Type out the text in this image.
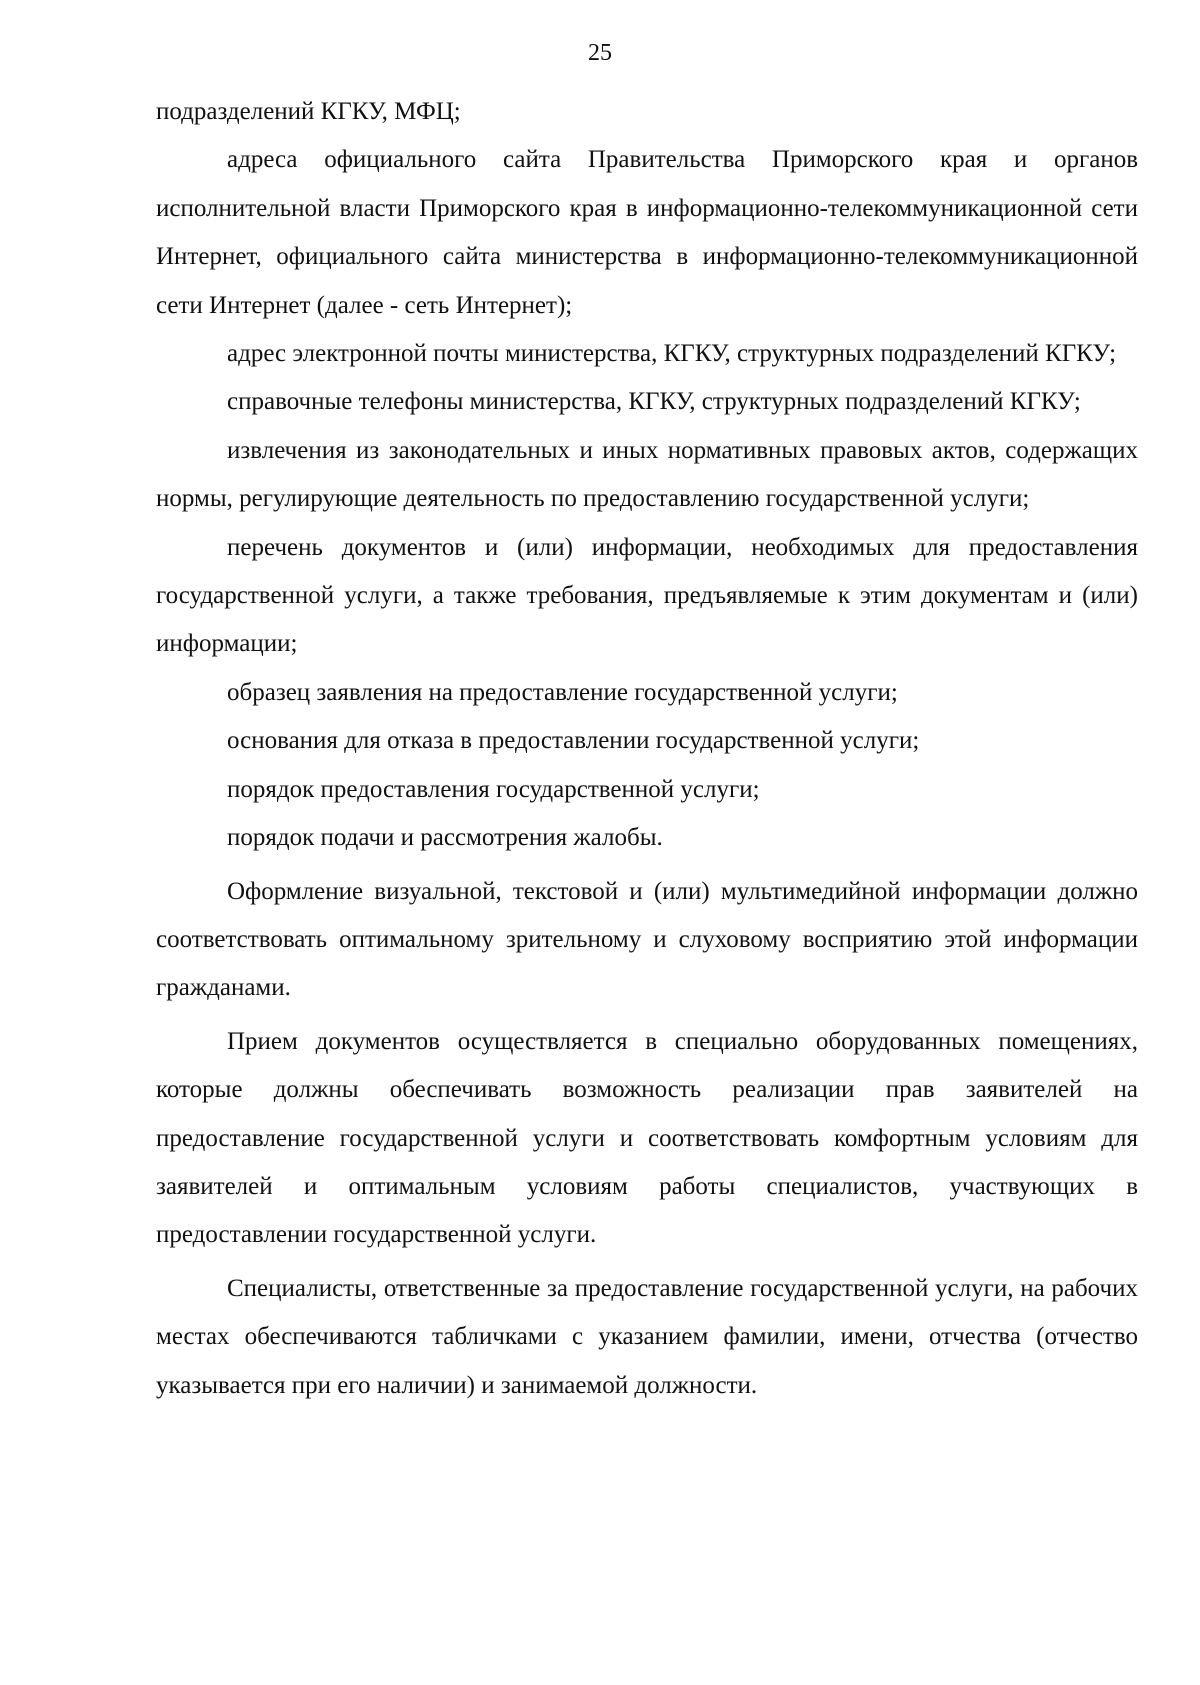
25

подразделений КГКУ, МФЦ;

адреса официального сайта Правительства Приморского края и органов исполнительной власти Приморского края в информационно-телекоммуникационной сети Интернет, официального сайта министерства в информационно-телекоммуникационной сети Интернет (далее - сеть Интернет);

адрес электронной почты министерства, КГКУ, структурных подразделений КГКУ;

справочные телефоны министерства, КГКУ, структурных подразделений КГКУ;

извлечения из законодательных и иных нормативных правовых актов, содержащих нормы, регулирующие деятельность по предоставлению государственной услуги;

перечень документов и (или) информации, необходимых для предоставления государственной услуги, а также требования, предъявляемые к этим документам и (или) информации;

образец заявления на предоставление государственной услуги;

основания для отказа в предоставлении государственной услуги;

порядок предоставления государственной услуги;

порядок подачи и рассмотрения жалобы.

Оформление визуальной, текстовой и (или) мультимедийной информации должно соответствовать оптимальному зрительному и слуховому восприятию этой информации гражданами.

Прием документов осуществляется в специально оборудованных помещениях, которые должны обеспечивать возможность реализации прав заявителей на предоставление государственной услуги и соответствовать комфортным условиям для заявителей и оптимальным условиям работы специалистов, участвующих в предоставлении государственной услуги.

Специалисты, ответственные за предоставление государственной услуги, на рабочих местах обеспечиваются табличками с указанием фамилии, имени, отчества (отчество указывается при его наличии) и занимаемой должности.
